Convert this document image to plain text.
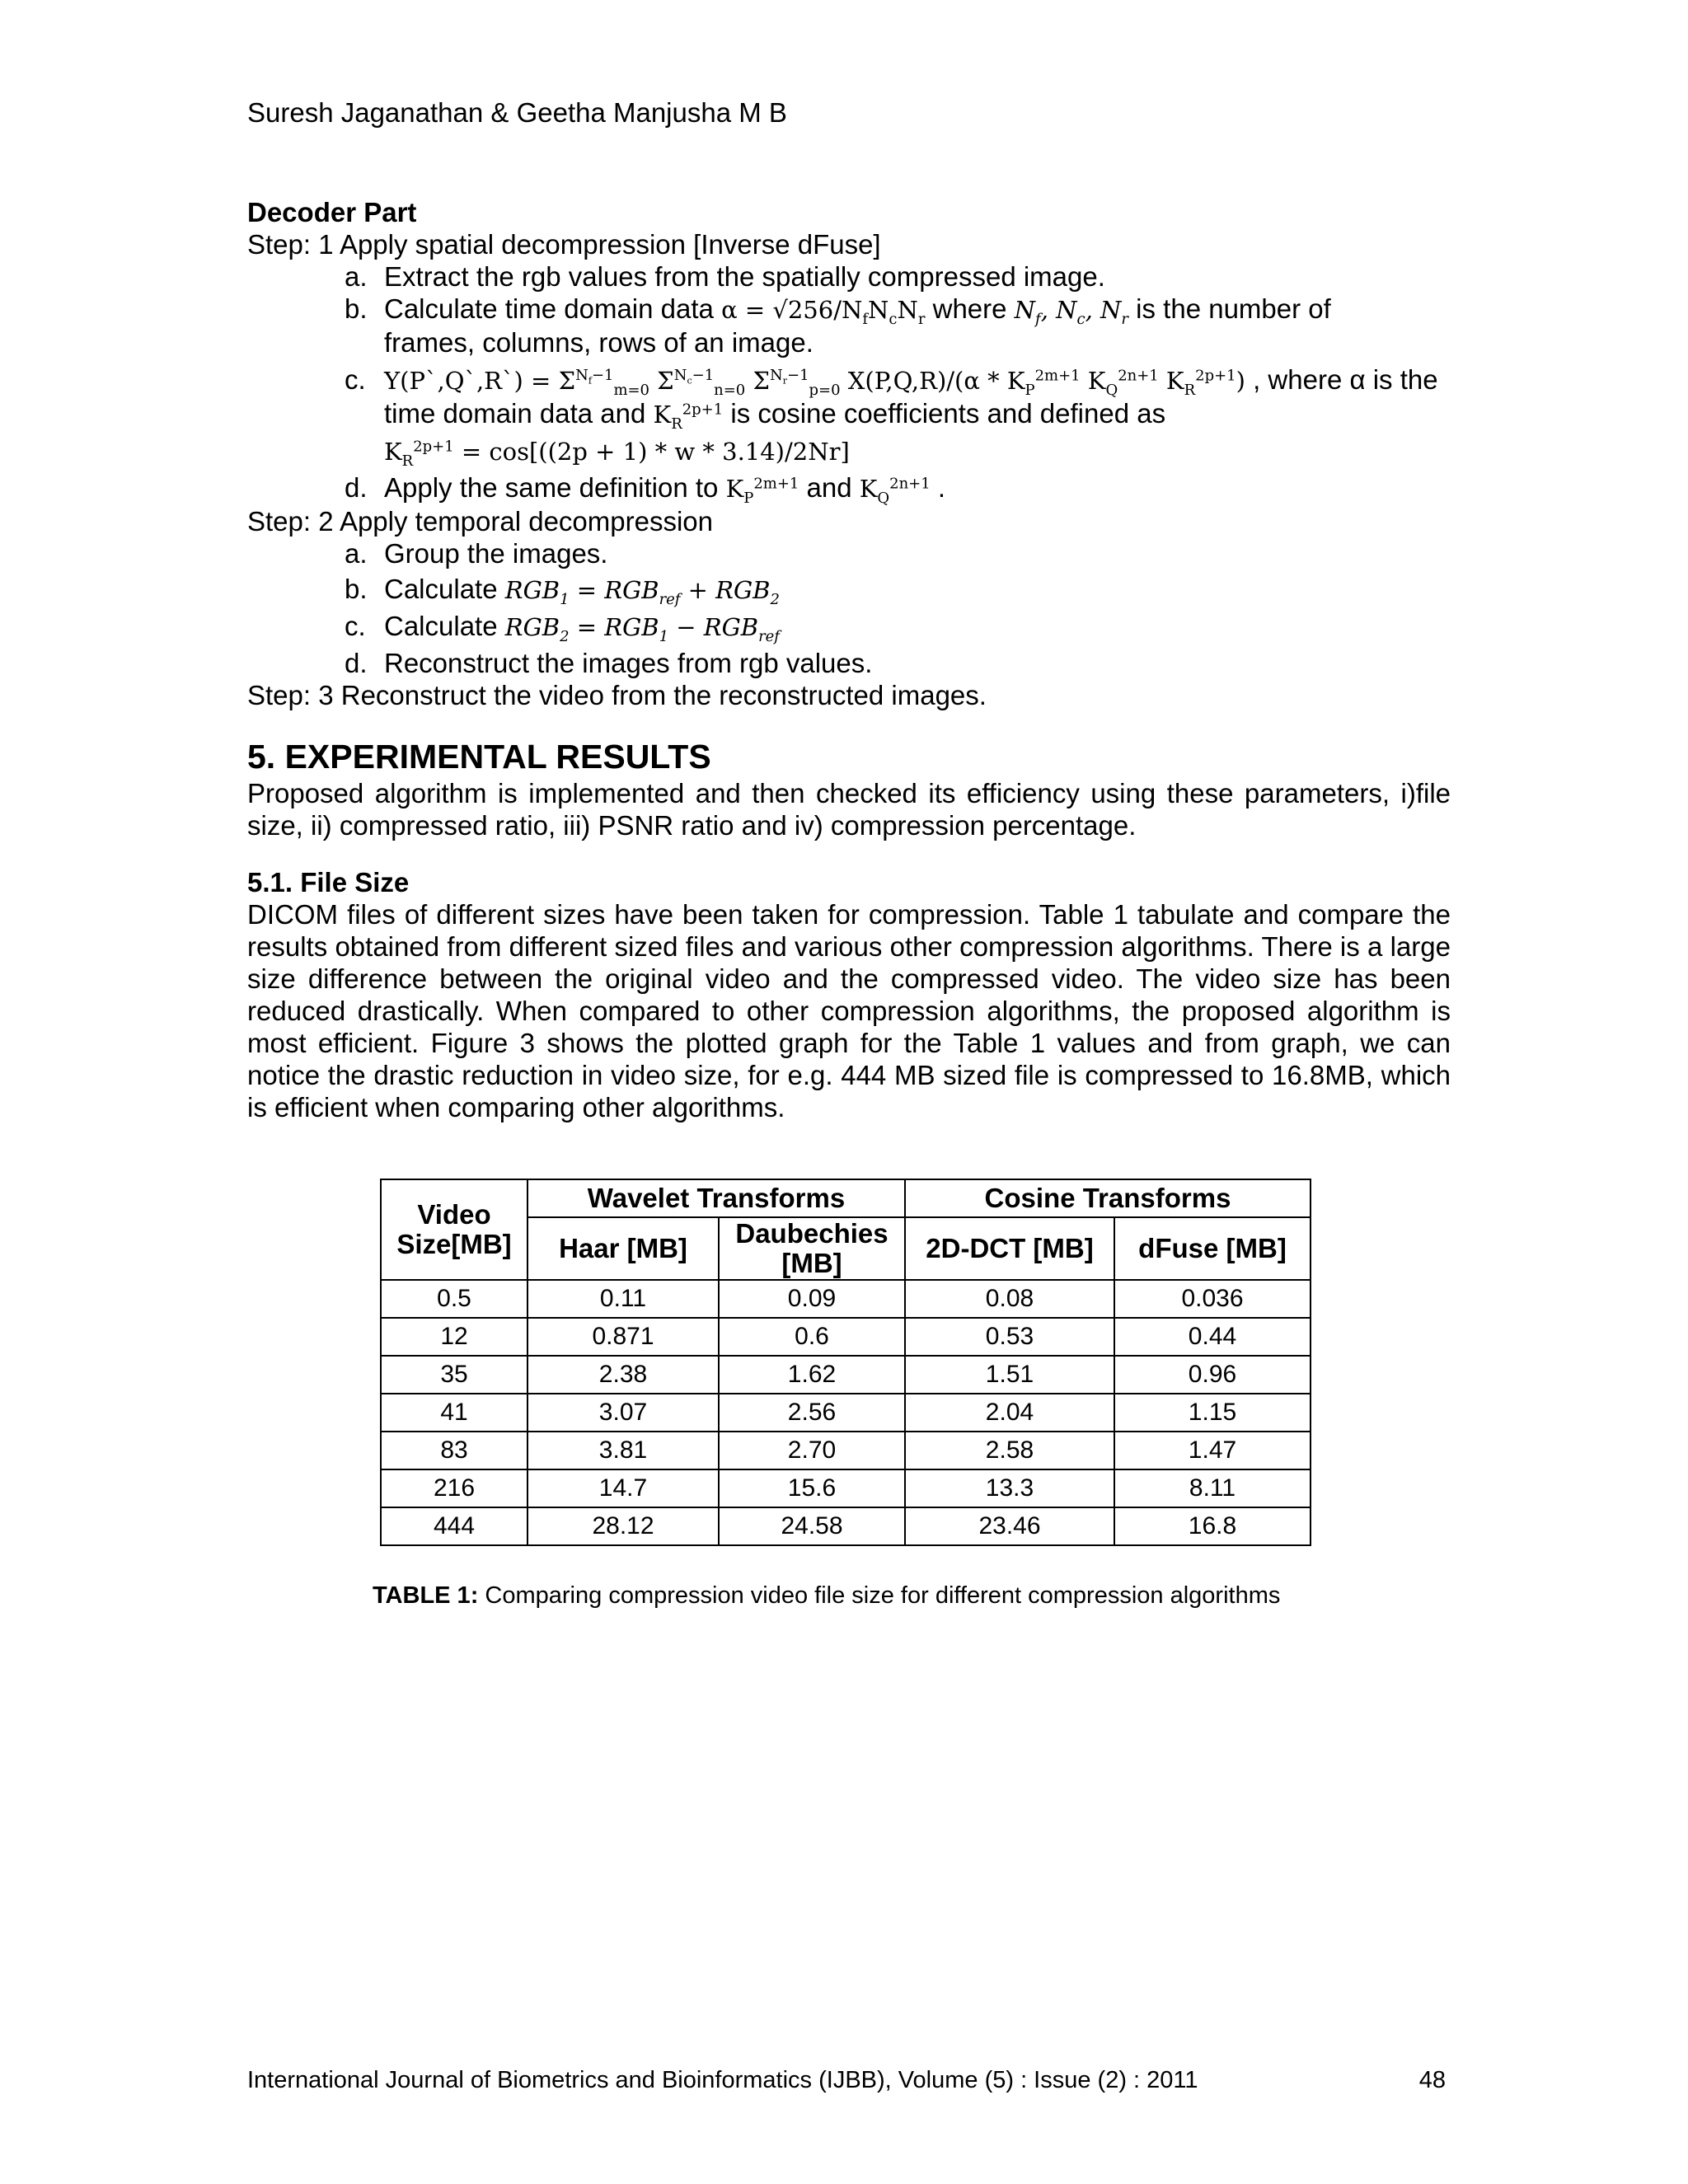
Suresh Jaganathan & Geetha Manjusha M B
Decoder Part
Step: 1 Apply spatial decompression [Inverse dFuse]
a. Extract the rgb values from the spatially compressed image.
b. Calculate time domain data $\alpha = √256/N_fN_cN_r$ where $N_f$, $N_c$, $N_r$ is the number of
frames, columns, rows of an image.
c. Y(P`,Q`,R`) = $\Sigma^{N_f-1}_{m=0}$ $\Sigma^{N_c-1}_{n=0}$ $\Sigma^{N_r-1}_{p=0}$ $X(P,Q,R)/(\alpha * K_P^{2m+1}$ $K_Q^{2n+1}$ $K_R^{2p+1}$) , where α is the
time domain data and $K_R^{2p+1}$ is cosine coefficients and defined as
$K_R^{2p+1} = \cos[((2p + 1) * w * 3.14)/2Nr]$
d. Apply the same definition to $K_P^{2m+1}$ and $K_Q^{2n+1}$ .
Step: 2 Apply temporal decompression
a. Group the images.
b. Calculate $RGB_1 = RGB_{ref} + RGB_2$
c. Calculate $RGB_2 = RGB_1 - RGB_{ref}$
d. Reconstruct the images from rgb values.
Step: 3 Reconstruct the video from the reconstructed images.
5. EXPERIMENTAL RESULTS

Proposed algorithm is implemented and then checked its efficiency using these parameters, i)file size, ii) compressed ratio, iii) PSNR ratio and iv) compression percentage.

5.1. File Size

DICOM files of different sizes have been taken for compression. Table 1 tabulate and compare the results obtained from different sized files and various other compression algorithms. There is a large size difference between the original video and the compressed video. The video size has been reduced drastically. When compared to other compression algorithms, the proposed algorithm is most efficient. Figure 3 shows the plotted graph for the Table 1 values and from graph, we can notice the drastic reduction in video size, for e.g. 444 MB sized file is compressed to 16.8MB, which is efficient when comparing other algorithms.

Video Size[MB]	Wavelet Transforms		Cosine Transforms	
	Haar [MB]	Daubechies [MB]	2D-DCT [MB]	dFuse [MB]
0.5	0.11	0.09	0.08	0.036
12	0.871	0.6	0.53	0.44
35	2.38	1.62	1.51	0.96
41	3.07	2.56	2.04	1.15
83	3.81	2.70	2.58	1.47
216	14.7	15.6	13.3	8.11
444	28.12	24.58	23.46	16.8
TABLE 1: Comparing compression video file size for different compression algorithms
International Journal of Biometrics and Bioinformatics (IJBB), Volume (5) : Issue (2) : 2011	48
